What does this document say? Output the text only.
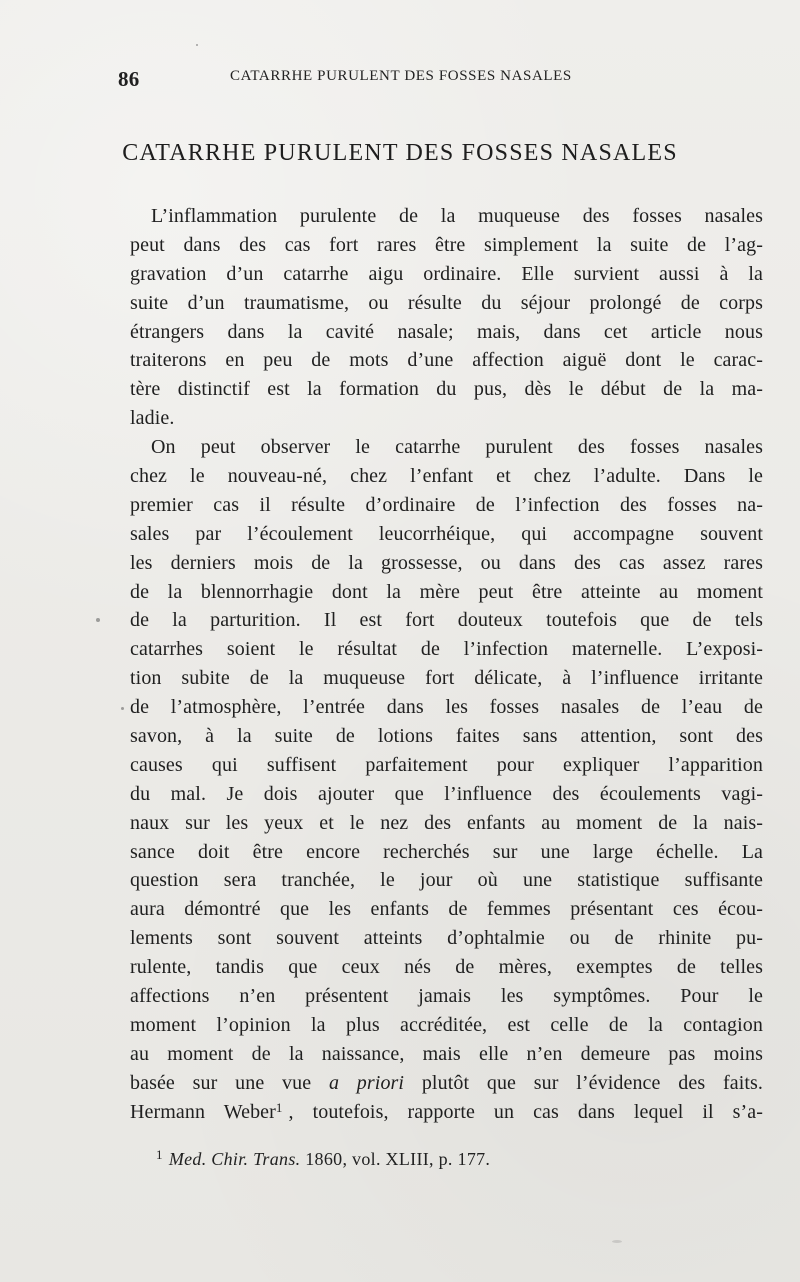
86	CATARRHE PURULENT DES FOSSES NASALES
CATARRHE PURULENT DES FOSSES NASALES
L’inflammation purulente de la muqueuse des fosses nasales
peut dans des cas fort rares être simplement la suite de l’ag-
gravation d’un catarrhe aigu ordinaire. Elle survient aussi à la
suite d’un traumatisme, ou résulte du séjour prolongé de corps
étrangers dans la cavité nasale; mais, dans cet article nous
traiterons en peu de mots d’une affection aiguë dont le carac-
tère distinctif est la formation du pus, dès le début de la ma-
ladie.
On peut observer le catarrhe purulent des fosses nasales
chez le nouveau-né, chez l’enfant et chez l’adulte. Dans le
premier cas il résulte d’ordinaire de l’infection des fosses na-
sales par l’écoulement leucorrhéique, qui accompagne souvent
les derniers mois de la grossesse, ou dans des cas assez rares
de la blennorrhagie dont la mère peut être atteinte au moment
de la parturition. Il est fort douteux toutefois que de tels
catarrhes soient le résultat de l’infection maternelle. L’exposi-
tion subite de la muqueuse fort délicate, à l’influence irritante
de l’atmosphère, l’entrée dans les fosses nasales de l’eau de
savon, à la suite de lotions faites sans attention, sont des
causes qui suffisent parfaitement pour expliquer l’apparition
du mal. Je dois ajouter que l’influence des écoulements vagi-
naux sur les yeux et le nez des enfants au moment de la nais-
sance doit être encore recherchés sur une large échelle. La
question sera tranchée, le jour où une statistique suffisante
aura démontré que les enfants de femmes présentant ces écou-
lements sont souvent atteints d’ophtalmie ou de rhinite pu-
rulente, tandis que ceux nés de mères, exemptes de telles
affections n’en présentent jamais les symptômes. Pour le
moment l’opinion la plus accréditée, est celle de la contagion
au moment de la naissance, mais elle n’en demeure pas moins
basée sur une vue a priori plutôt que sur l’évidence des faits.
Hermann Weber$^1$ , toutefois, rapporte un cas dans lequel il s’a-
$^1$ Med. Chir. Trans. 1860, vol. XLIII, p. 177.
